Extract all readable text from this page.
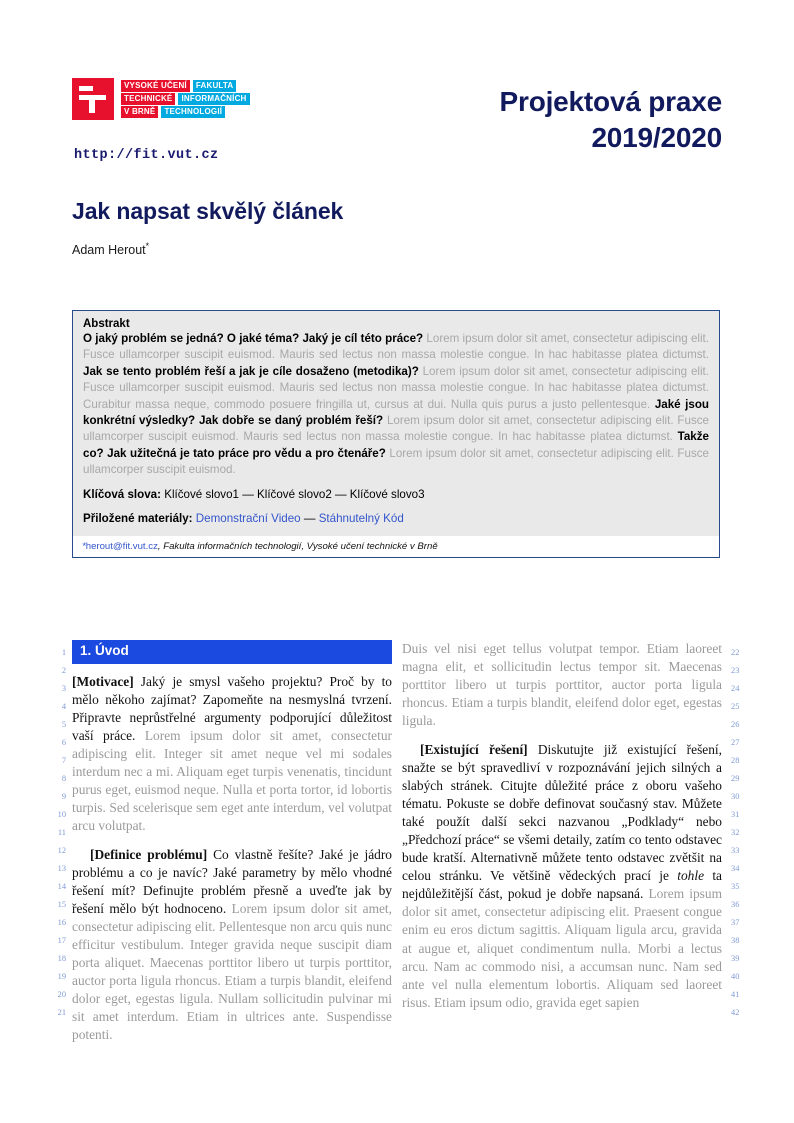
VYSOKÉ UČENÍ	FAKULTA
TECHNICKÉ	INFORMAČNÍCH
V BRNĚ	TECHNOLOGIÍ
http://fit.vut.cz
Projektová praxe
2019/2020
Jak napsat skvělý článek
Adam Herout*
Abstrakt

O jaký problém se jedná? O jaké téma? Jaký je cíl této práce? Lorem ipsum dolor sit amet, consectetur adipiscing elit. Fusce ullamcorper suscipit euismod. Mauris sed lectus non massa molestie congue. In hac habitasse platea dictumst. Jak se tento problém řeší a jak je cíle dosaženo (metodika)? Lorem ipsum dolor sit amet, consectetur adipiscing elit. Fusce ullamcorper suscipit euismod. Mauris sed lectus non massa molestie congue. In hac habitasse platea dictumst. Curabitur massa neque, commodo posuere fringilla ut, cursus at dui. Nulla quis purus a justo pellentesque. Jaké jsou konkrétní výsledky? Jak dobře se daný problém řeší? Lorem ipsum dolor sit amet, consectetur adipiscing elit. Fusce ullamcorper suscipit euismod. Mauris sed lectus non massa molestie congue. In hac habitasse platea dictumst. Takže co? Jak užitečná je tato práce pro vědu a pro čtenáře? Lorem ipsum dolor sit amet, consectetur adipiscing elit. Fusce ullamcorper suscipit euismod.

Klíčová slova: Klíčové slovo1 — Klíčové slovo2 — Klíčové slovo3
Přiložené materiály: Demonstrační Video — Stáhnutelný Kód
*herout@fit.vut.cz, Fakulta informačních technologií, Vysoké učení technické v Brně
1
2
3
4
5
6
7
8
9
10
11
12
13
14
15
16
17
18
19
20
21
22
23
24
25
26
27
28
29
30
31
32
33
34
35
36
37
38
39
40
41
42
1. Úvod

[Motivace] Jaký je smysl vašeho projektu? Proč by to mělo někoho zajímat? Zapomeňte na nesmyslná tvrzení. Připravte neprůstřelné argumenty podporující důležitost vaší práce. Lorem ipsum dolor sit amet, consectetur adipiscing elit. Integer sit amet neque vel mi sodales interdum nec a mi. Aliquam eget turpis venenatis, tincidunt purus eget, euismod neque. Nulla et porta tortor, id lobortis turpis. Sed scelerisque sem eget ante interdum, vel volutpat arcu volutpat.

[Definice problému] Co vlastně řešíte? Jaké je jádro problému a co je navíc? Jaké parametry by mělo vhodné řešení mít? Definujte problém přesně a uveďte jak by řešení mělo být hodnoceno. Lorem ipsum dolor sit amet, consectetur adipiscing elit. Pellentesque non arcu quis nunc efficitur vestibulum. Integer gravida neque suscipit diam porta aliquet. Maecenas porttitor libero ut turpis porttitor, auctor porta ligula rhoncus. Etiam a turpis blandit, eleifend dolor eget, egestas ligula. Nullam sollicitudin pulvinar mi sit amet interdum. Etiam in ultrices ante. Suspendisse potenti.

Duis vel nisi eget tellus volutpat tempor. Etiam laoreet magna elit, et sollicitudin lectus tempor sit. Maecenas porttitor libero ut turpis porttitor, auctor porta ligula rhoncus. Etiam a turpis blandit, eleifend dolor eget, egestas ligula.

[Existující řešení] Diskutujte již existující řešení, snažte se být spravedliví v rozpoznávání jejich silných a slabých stránek. Citujte důležité práce z oboru vašeho tématu. Pokuste se dobře definovat současný stav. Můžete také použít další sekci nazvanou „Podklady“ nebo „Předchozí práce“ se všemi detaily, zatím co tento odstavec bude kratší. Alternativně můžete tento odstavec zvětšit na celou stránku. Ve většině vědeckých prací je tohle ta nejdůležitější část, pokud je dobře napsaná. Lorem ipsum dolor sit amet, consectetur adipiscing elit. Praesent congue enim eu eros dictum sagittis. Aliquam ligula arcu, gravida at augue et, aliquet condimentum nulla. Morbi a lectus arcu. Nam ac commodo nisi, a accumsan nunc. Nam sed ante vel nulla elementum lobortis. Aliquam sed laoreet risus. Etiam ipsum odio, gravida eget sapien
